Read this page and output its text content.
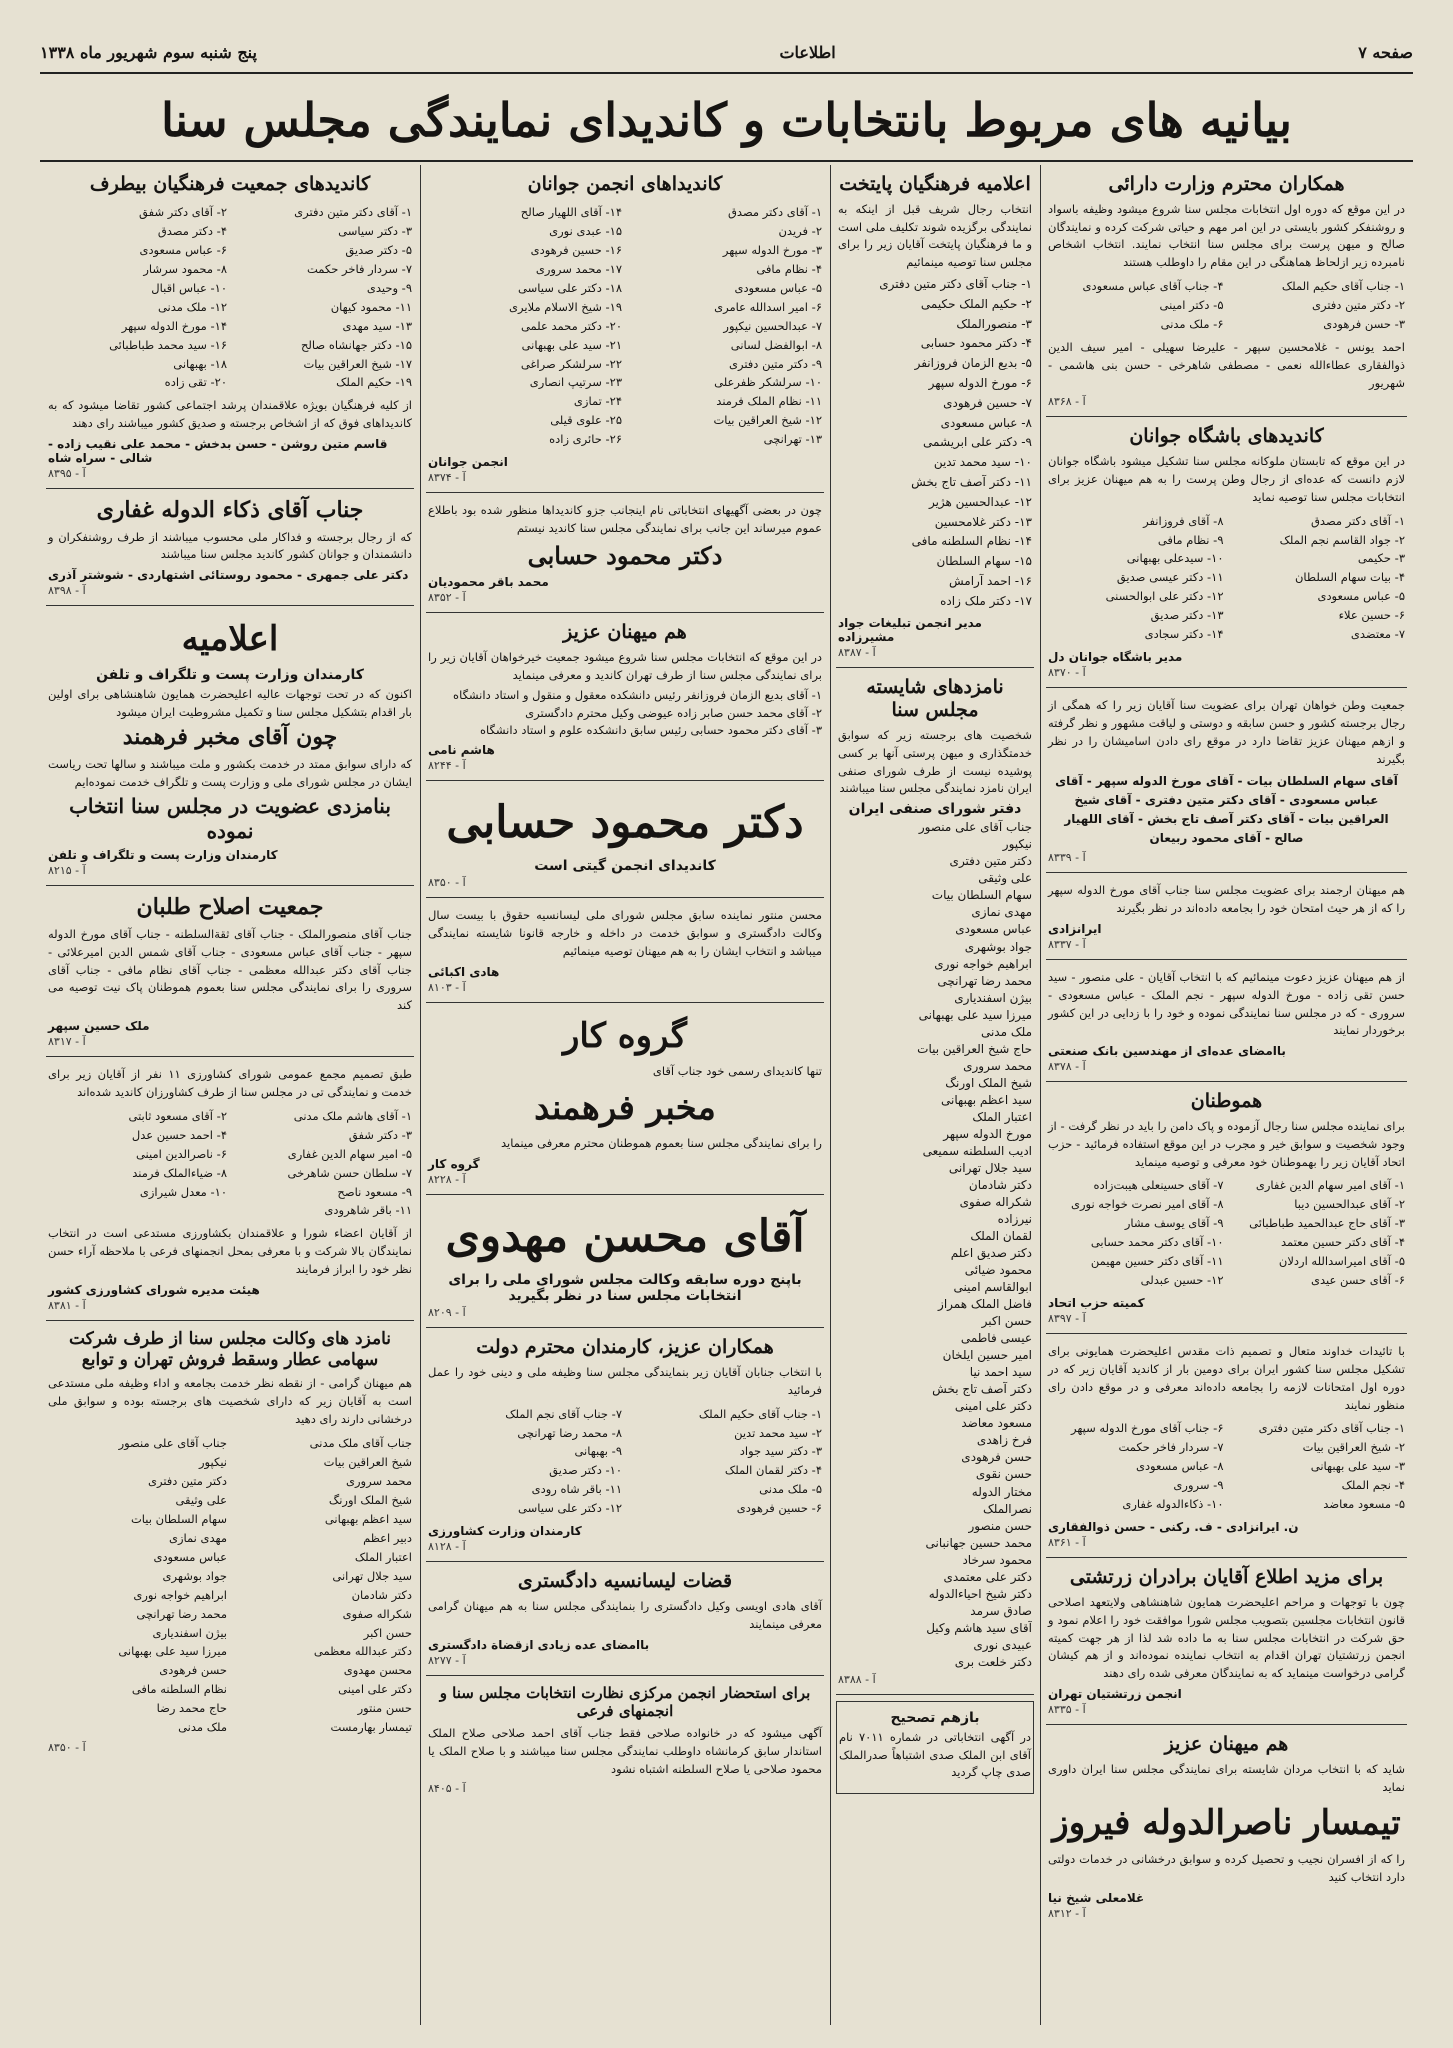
صفحه ۷
اطلاعات
پنج شنبه سوم شهریور ماه ۱۳۳۸
بیانیه های مربوط بانتخابات و کاندیدای نمایندگی مجلس سنا
همکاران محترم وزارت دارائی
در این موقع که دوره اول انتخابات مجلس سنا شروع میشود وظیفه باسواد و روشنفکر کشور بایستی در این امر مهم و حیاتی شرکت کرده و نمایندگان صالح و میهن پرست برای مجلس سنا انتخاب نمایند. انتخاب اشخاص نامبرده زیر ازلحاظ هماهنگی در این مقام را داوطلب هستند
۱- جناب آقای حکیم الملک
۲- دکتر متین دفتری
۳- حسن فرهودی
۴- جناب آقای عباس مسعودی
۵- دکتر امینی
۶- ملک مدنی
احمد یونس - غلامحسین سپهر - علیرضا سهیلی - امیر سیف الدین ذوالفقاری عطاءالله نعمی - مصطفی شاهرخی - حسن بنی هاشمی - شهریور
آ - ۸۳۶۸
کاندیدهای باشگاه جوانان
در این موقع که تابستان ملوکانه مجلس سنا تشکیل میشود باشگاه جوانان لازم دانست که عده‌ای از رجال وطن پرست را به هم میهنان عزیز برای انتخابات مجلس سنا توصیه نماید
۱- آقای دکتر مصدق
۲- جواد القاسم نجم الملک
۳- حکیمی
۴- بیات سهام السلطان
۵- عباس مسعودی
۶- حسین علاء
۷- معتضدی
۸- آقای فروزانفر
۹- نظام مافی
۱۰- سیدعلی بهبهانی
۱۱- دکتر عیسی صدیق
۱۲- دکتر علی ابوالحسنی
۱۳- دکتر صدیق
۱۴- دکتر سجادی
مدیر باشگاه جوانان دل
آ - ۸۳۷۰
جمعیت وطن خواهان تهران برای عضویت سنا آقایان زیر را که همگی از رجال برجسته کشور و حسن سابقه و دوستی و لیاقت مشهور و نظر گرفته و ازهم میهنان عزیز تقاضا دارد در موقع رای دادن اسامیشان را در نظر بگیرند
آقای سهام السلطان بیات - آقای مورخ الدوله سپهر - آقای عباس مسعودی - آقای دکتر متین دفتری - آقای شیخ العراقین بیات - آقای دکتر آصف تاج بخش - آقای اللهیار صالح - آقای محمود ربیعان
آ - ۸۳۳۹
هم میهنان ارجمند برای عضویت مجلس سنا جناب آقای مورخ الدوله سپهر را که از هر حیث امتحان خود را بجامعه داده‌اند در نظر بگیرند
ایرانزادی
آ - ۸۳۳۷
از هم میهنان عزیز دعوت مینمائیم که با انتخاب آقایان - علی منصور - سید حسن تقی زاده - مورخ الدوله سپهر - نجم الملک - عباس مسعودی - سروری - که در مجلس سنا نمایندگی نموده و خود را با زدایی در این کشور برخوردار نمایند
باامضای عده‌ای از مهندسین بانک صنعتی
آ - ۸۳۷۸
هموطنان
برای نماینده مجلس سنا رجال آزموده و پاک دامن را باید در نظر گرفت - از وجود شخصیت و سوابق خیر و مجرب در این موقع استفاده فرمائید - حزب اتحاد آقایان زیر را بهموطنان خود معرفی و توصیه مینماید
۱- آقای امیر سهام الدین غفاری
۲- آقای عبدالحسین دیبا
۳- آقای حاج عبدالحمید طباطبائی
۴- آقای دکتر حسین معتمد
۵- آقای امیراسدالله اردلان
۶- آقای حسن عیدی
۷- آقای حسینعلی هیبت‌زاده
۸- آقای امیر نصرت خواجه نوری
۹- آقای یوسف مشار
۱۰- آقای دکتر محمد حسابی
۱۱- آقای دکتر حسین مهیمن
۱۲- حسین عبدلی
کمیته حزب اتحاد
آ - ۸۳۹۷
با تائیدات خداوند متعال و تصمیم ذات مقدس اعلیحضرت همایونی برای تشکیل مجلس سنا کشور ایران برای دومین بار از کاندید آقایان زیر که در دوره اول امتحانات لازمه را بجامعه داده‌اند معرفی و در موقع دادن رای منظور نمایند
۱- جناب آقای دکتر متین دفتری
۲- شیخ العراقین بیات
۳- سید علی بهبهانی
۴- نجم الملک
۵- مسعود معاضد
۶- جناب آقای مورخ الدوله سپهر
۷- سردار فاخر حکمت
۸- عباس مسعودی
۹- سروری
۱۰- ذکاءالدوله غفاری
ن. ایرانزادی - ف. رکنی - حسن ذوالفقاری
آ - ۸۳۶۱
برای مزید اطلاع آقایان برادران زرتشتی
چون با توجهات و مراحم اعلیحضرت همایون شاهنشاهی ولایتعهد اصلاحی قانون انتخابات مجلسین بتصویب مجلس شورا موافقت خود را اعلام نمود و حق شرکت در انتخابات مجلس سنا به ما داده شد لذا از هر جهت کمیته انجمن زرتشتیان تهران اقدام به انتخاب نماینده نموده‌اند و از هم کیشان گرامی درخواست مینماید که به نمایندگان معرفی شده رای دهند
انجمن زرتشتیان تهران
آ - ۸۳۳۵
هم میهنان عزیز
شاید که با انتخاب مردان شایسته برای نمایندگی مجلس سنا ایران داوری نماید
تیمسار ناصرالدوله فیروز
را که از افسران نجیب و تحصیل کرده و سوابق درخشانی در خدمات دولتی دارد انتخاب کنید
غلامعلی شیخ نیا
آ - ۸۳۱۲
اعلامیه فرهنگیان پایتخت
انتخاب رجال شریف قبل از اینکه به نمایندگی برگزیده شوند تکلیف ملی است و ما فرهنگیان پایتخت آقایان زیر را برای مجلس سنا توصیه مینمائیم
۱- جناب آقای دکتر متین دفتری
۲- حکیم الملک حکیمی
۳- منصورالملک
۴- دکتر محمود حسابی
۵- بدیع الزمان فروزانفر
۶- مورخ الدوله سپهر
۷- حسین فرهودی
۸- عباس مسعودی
۹- دکتر علی ابریشمی
۱۰- سید محمد تدین
۱۱- دکتر آصف تاج بخش
۱۲- عبدالحسین هژیر
۱۳- دکتر غلامحسین
۱۴- نظام السلطنه مافی
۱۵- سهام السلطان
۱۶- احمد آرامش
۱۷- دکتر ملک زاده
مدیر انجمن تبلیغات جواد مشیرزاده
آ - ۸۳۸۷
نامزدهای شایسته مجلس سنا
شخصیت های برجسته زیر که سوابق خدمتگذاری و میهن پرستی آنها بر کسی پوشیده نیست از طرف شورای صنفی ایران نامزد نمایندگی مجلس سنا میباشند
دفتر شورای صنفی ایران
جناب آقای علی منصور
نیکپور
دکتر متین دفتری
علی وثیقی
سهام السلطان بیات
مهدی نمازی
عباس مسعودی
جواد بوشهری
ابراهیم خواجه نوری
محمد رضا تهرانچی
بیژن اسفندیاری
میرزا سید علی بهبهانی
ملک مدنی
حاج شیخ العراقین بیات
محمد سروری
شیخ الملک اورنگ
سید اعظم بهبهانی
اعتبار الملک
مورخ الدوله سپهر
ادیب السلطنه سمیعی
سید جلال تهرانی
دکتر شادمان
شکراله صفوی
نیرزاده
لقمان الملک
دکتر صدیق اعلم
محمود ضیائی
ابوالقاسم امینی
فاضل الملک همراز
حسن اکبر
عیسی فاطمی
امیر حسین ایلخان
سید احمد نیا
دکتر آصف تاج بخش
دکتر علی امینی
مسعود معاضد
فرخ زاهدی
حسن فرهودی
حسن نقوی
مختار الدوله
نصرالملک
حسن منصور
محمد حسین جهانبانی
محمود سرخاد
دکتر علی معتمدی
دکتر شیخ احیاءالدوله
صادق سرمد
آقای سید هاشم وکیل
عبیدی نوری
دکتر خلعت بری
آ - ۸۳۸۸
بازهم تصحیح
در آگهی انتخاباتی در شماره ۷۰۱۱ نام آقای ابن الملک صدی اشتباهاً صدرالملک صدی چاپ گردید
کاندیداهای انجمن جوانان
۱- آقای دکتر مصدق
۲- فریدن
۳- مورخ الدوله سپهر
۴- نظام مافی
۵- عباس مسعودی
۶- امیر اسدالله عامری
۷- عبدالحسین نیکپور
۸- ابوالفضل لسانی
۹- دکتر متین دفتری
۱۰- سرلشکر ظفرعلی
۱۱- نظام الملک فرمند
۱۲- شیخ العراقین بیات
۱۳- تهرانچی
۱۴- آقای اللهیار صالح
۱۵- عبدی نوری
۱۶- حسین فرهودی
۱۷- محمد سروری
۱۸- دکتر علی سیاسی
۱۹- شیخ الاسلام ملایری
۲۰- دکتر محمد علمی
۲۱- سید علی بهبهانی
۲۲- سرلشکر صراغی
۲۳- سرتیپ انصاری
۲۴- تمازی
۲۵- علوی قیلی
۲۶- حائری زاده
انجمن جوانان
آ - ۸۳۷۴
چون در بعضی آگهیهای انتخاباتی نام اینجانب جزو کاندیداها منظور شده بود باطلاع عموم میرساند این جانب برای نمایندگی مجلس سنا کاندید نیستم
دکتر محمود حسابی
محمد باقر محمودیان
آ - ۸۳۵۲
هم میهنان عزیز
در این موقع که انتخابات مجلس سنا شروع میشود جمعیت خیرخواهان آقایان زیر را برای نمایندگی مجلس سنا از طرف تهران کاندید و معرفی مینماید
۱- آقای بدیع الزمان فروزانفر رئیس دانشکده معقول و منقول و استاد دانشگاه
۲- آقای محمد حسن صابر زاده عیوضی وکیل محترم دادگستری
۳- آقای دکتر محمود حسابی رئیس سابق دانشکده علوم و استاد دانشگاه
هاشم نامی
آ - ۸۲۴۴
دکتر محمود حسابی
کاندیدای انجمن گیتی است
آ - ۸۳۵۰
محسن منتور نماینده سابق مجلس شورای ملی لیسانسیه حقوق با بیست سال وکالت دادگستری و سوابق خدمت در داخله و خارجه قانونا شایسته نمایندگی میباشد و انتخاب ایشان را به هم میهنان توصیه مینمائیم
هادی اکبائی
آ - ۸۱۰۳
گروه کار
تنها کاندیدای رسمی خود جناب آقای
مخبر فرهمند
را برای نمایندگی مجلس سنا بعموم هموطنان محترم معرفی مینماید
گروه کار
آ - ۸۲۲۸
آقای محسن مهدوی
باپنج دوره سابقه وکالت مجلس شورای ملی را برای انتخابات مجلس سنا در نظر بگیرید
آ - ۸۲۰۹
همکاران عزیز، کارمندان محترم دولت
با انتخاب جنابان آقایان زیر بنمایندگی مجلس سنا وظیفه ملی و دینی خود را عمل فرمائید
۱- جناب آقای حکیم الملک
۲- سید محمد تدین
۳- دکتر سید جواد
۴- دکتر لقمان الملک
۵- ملک مدنی
۶- حسین فرهودی
۷- جناب آقای نجم الملک
۸- محمد رضا تهرانچی
۹- بهبهانی
۱۰- دکتر صدیق
۱۱- باقر شاه رودی
۱۲- دکتر علی سیاسی
کارمندان وزارت کشاورزی
آ - ۸۱۲۸
قضات لیسانسیه دادگستری
آقای هادی اویسی وکیل دادگستری را بنمایندگی مجلس سنا به هم میهنان گرامی معرفی مینمایند
باامضای عده زیادی ازقضاة دادگستری
آ - ۸۲۷۷
برای استحضار انجمن مرکزی نظارت انتخابات مجلس سنا و انجمنهای فرعی
آگهی میشود که در خانواده صلاحی فقط جناب آقای احمد صلاحی صلاح الملک استاندار سابق کرمانشاه داوطلب نمایندگی مجلس سنا میباشند و با صلاح الملک یا محمود صلاحی یا صلاح السلطنه اشتباه نشود
آ - ۸۴۰۵
کاندیدهای جمعیت فرهنگیان بیطرف
۱- آقای دکتر متین دفتری
۳- دکتر سیاسی
۵- دکتر صدیق
۷- سردار فاخر حکمت
۹- وحیدی
۱۱- محمود کیهان
۱۳- سید مهدی
۱۵- دکتر جهانشاه صالح
۱۷- شیخ العراقین بیات
۱۹- حکیم الملک
۲- آقای دکتر شفق
۴- دکتر مصدق
۶- عباس مسعودی
۸- محمود سرشار
۱۰- عباس اقبال
۱۲- ملک مدنی
۱۴- مورخ الدوله سپهر
۱۶- سید محمد طباطبائی
۱۸- بهبهانی
۲۰- تقی زاده
از کلیه فرهنگیان بویژه علاقمندان پرشد اجتماعی کشور تقاضا میشود که به کاندیداهای فوق که از اشخاص برجسته و صدیق کشور میباشند رای دهند
قاسم متین روشن - حسن بدخش - محمد علی نقیب زاده - شالی - سراه شاه
آ - ۸۳۹۵
جناب آقای ذکاء الدوله غفاری
که از رجال برجسته و فداکار ملی محسوب میباشند از طرف روشنفکران و دانشمندان و جوانان کشور کاندید مجلس سنا میباشند
دکتر علی جمهری - محمود روستائی اشتهاردی - شوشتر آذری
آ - ۸۳۹۸
اعلامیه
کارمندان وزارت پست و تلگراف و تلفن
اکنون که در تحت توجهات عالیه اعلیحضرت همایون شاهنشاهی برای اولین بار اقدام بتشکیل مجلس سنا و تکمیل مشروطیت ایران میشود
چون آقای مخبر فرهمند
که دارای سوابق ممتد در خدمت بکشور و ملت میباشند و سالها تحت ریاست ایشان در مجلس شورای ملی و وزارت پست و تلگراف خدمت نموده‌ایم
بنامزدی عضویت در مجلس سنا انتخاب نموده
کارمندان وزارت پست و تلگراف و تلفن
آ - ۸۲۱۵
جمعیت اصلاح طلبان
جناب آقای منصورالملک - جناب آقای ثقةالسلطنه - جناب آقای مورخ الدوله سپهر - جناب آقای عباس مسعودی - جناب آقای شمس الدین امیرعلائی - جناب آقای دکتر عبدالله معظمی - جناب آقای نظام مافی - جناب آقای سروری را برای نمایندگی مجلس سنا بعموم هموطنان پاک نیت توصیه می کند
ملک حسین سپهر
آ - ۸۳۱۷
طبق تصمیم مجمع عمومی شورای کشاورزی ۱۱ نفر از آقایان زیر برای خدمت و نمایندگی تی در مجلس سنا از طرف کشاورزان کاندید شده‌اند
۱- آقای هاشم ملک مدنی
۳- دکتر شفق
۵- امیر سهام الدین غفاری
۷- سلطان حسن شاهرخی
۹- مسعود ناصح
۱۱- باقر شاهرودی
۲- آقای مسعود ثابتی
۴- احمد حسین عدل
۶- ناصرالدین امینی
۸- ضیاءالملک فرمند
۱۰- معدل شیرازی
از آقایان اعضاء شورا و علاقمندان بکشاورزی مستدعی است در انتخاب نمایندگان بالا شرکت و با معرفی بمحل انجمنهای فرعی با ملاحظه آراء حسن نظر خود را ابراز فرمایند
هیئت مدیره شورای کشاورزی کشور
آ - ۸۳۸۱
نامزد های وکالت مجلس سنا از طرف شرکت سهامی عطار وسقط فروش تهران و توابع
هم میهنان گرامی - از نقطه نظر خدمت بجامعه و اداء وظیفه ملی مستدعی است به آقایان زیر که دارای شخصیت های برجسته بوده و سوابق ملی درخشانی دارند رای دهید
جناب آقای ملک مدنی
شیخ العراقین بیات
محمد سروری
شیخ الملک اورنگ
سید اعظم بهبهانی
دبیر اعظم
اعتبار الملک
سید جلال تهرانی
دکتر شادمان
شکراله صفوی
حسن اکبر
دکتر عبدالله معظمی
محسن مهدوی
دکتر علی امینی
حسن منتور
تیمسار بهارمست
جناب آقای علی منصور
نیکپور
دکتر متین دفتری
علی وثیقی
سهام السلطان بیات
مهدی نمازی
عباس مسعودی
جواد بوشهری
ابراهیم خواجه نوری
محمد رضا تهرانچی
بیژن اسفندیاری
میرزا سید علی بهبهانی
حسن فرهودی
نظام السلطنه مافی
حاج محمد رضا
ملک مدنی
آ - ۸۳۵۰
